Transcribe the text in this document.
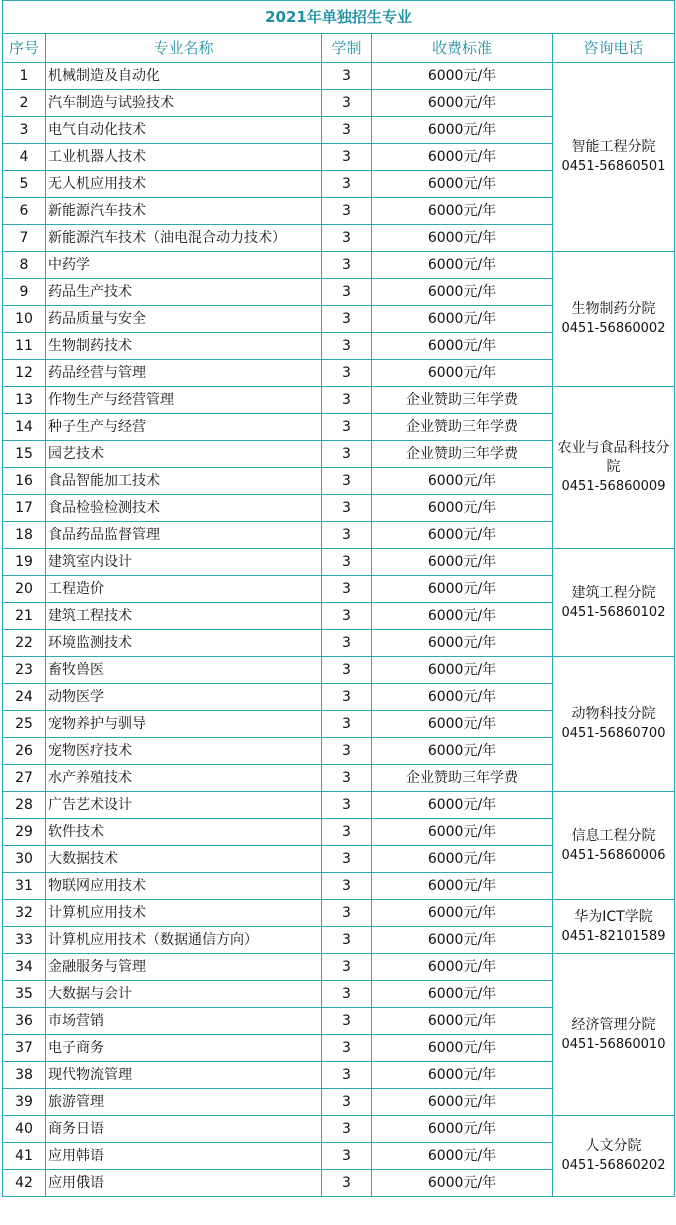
2021年单独招生专业
序号	专业名称	学制	收费标准	咨询电话
1	机械制造及自动化	3	6000元/年	智能工程分院
0451-56860501

2	汽车制造与试验技术	3	6000元/年	
3	电气自动化技术	3	6000元/年	
4	工业机器人技术	3	6000元/年	
5	无人机应用技术	3	6000元/年	
6	新能源汽车技术	3	6000元/年	
7	新能源汽车技术（油电混合动力技术）	3	6000元/年	
8	中药学	3	6000元/年	生物制药分院
0451-56860002

9	药品生产技术	3	6000元/年	
10	药品质量与安全	3	6000元/年	
11	生物制药技术	3	6000元/年	
12	药品经营与管理	3	6000元/年	
13	作物生产与经营管理	3	企业赞助三年学费	农业与食品科技分院
0451-56860009

14	种子生产与经营	3	企业赞助三年学费	
15	园艺技术	3	企业赞助三年学费	
16	食品智能加工技术	3	6000元/年	
17	食品检验检测技术	3	6000元/年	
18	食品药品监督管理	3	6000元/年	
19	建筑室内设计	3	6000元/年	建筑工程分院
0451-56860102

20	工程造价	3	6000元/年	
21	建筑工程技术	3	6000元/年	
22	环境监测技术	3	6000元/年	
23	畜牧兽医	3	6000元/年	动物科技分院
0451-56860700

24	动物医学	3	6000元/年	
25	宠物养护与驯导	3	6000元/年	
26	宠物医疗技术	3	6000元/年	
27	水产养殖技术	3	企业赞助三年学费	
28	广告艺术设计	3	6000元/年	信息工程分院
0451-56860006

29	软件技术	3	6000元/年	
30	大数据技术	3	6000元/年	
31	物联网应用技术	3	6000元/年	
32	计算机应用技术	3	6000元/年	华为ICT学院
0451-82101589

33	计算机应用技术（数据通信方向）	3	6000元/年	
34	金融服务与管理	3	6000元/年	经济管理分院
0451-56860010

35	大数据与会计	3	6000元/年	
36	市场营销	3	6000元/年	
37	电子商务	3	6000元/年	
38	现代物流管理	3	6000元/年	
39	旅游管理	3	6000元/年	
40	商务日语	3	6000元/年	人文分院
0451-56860202

41	应用韩语	3	6000元/年	
42	应用俄语	3	6000元/年	
